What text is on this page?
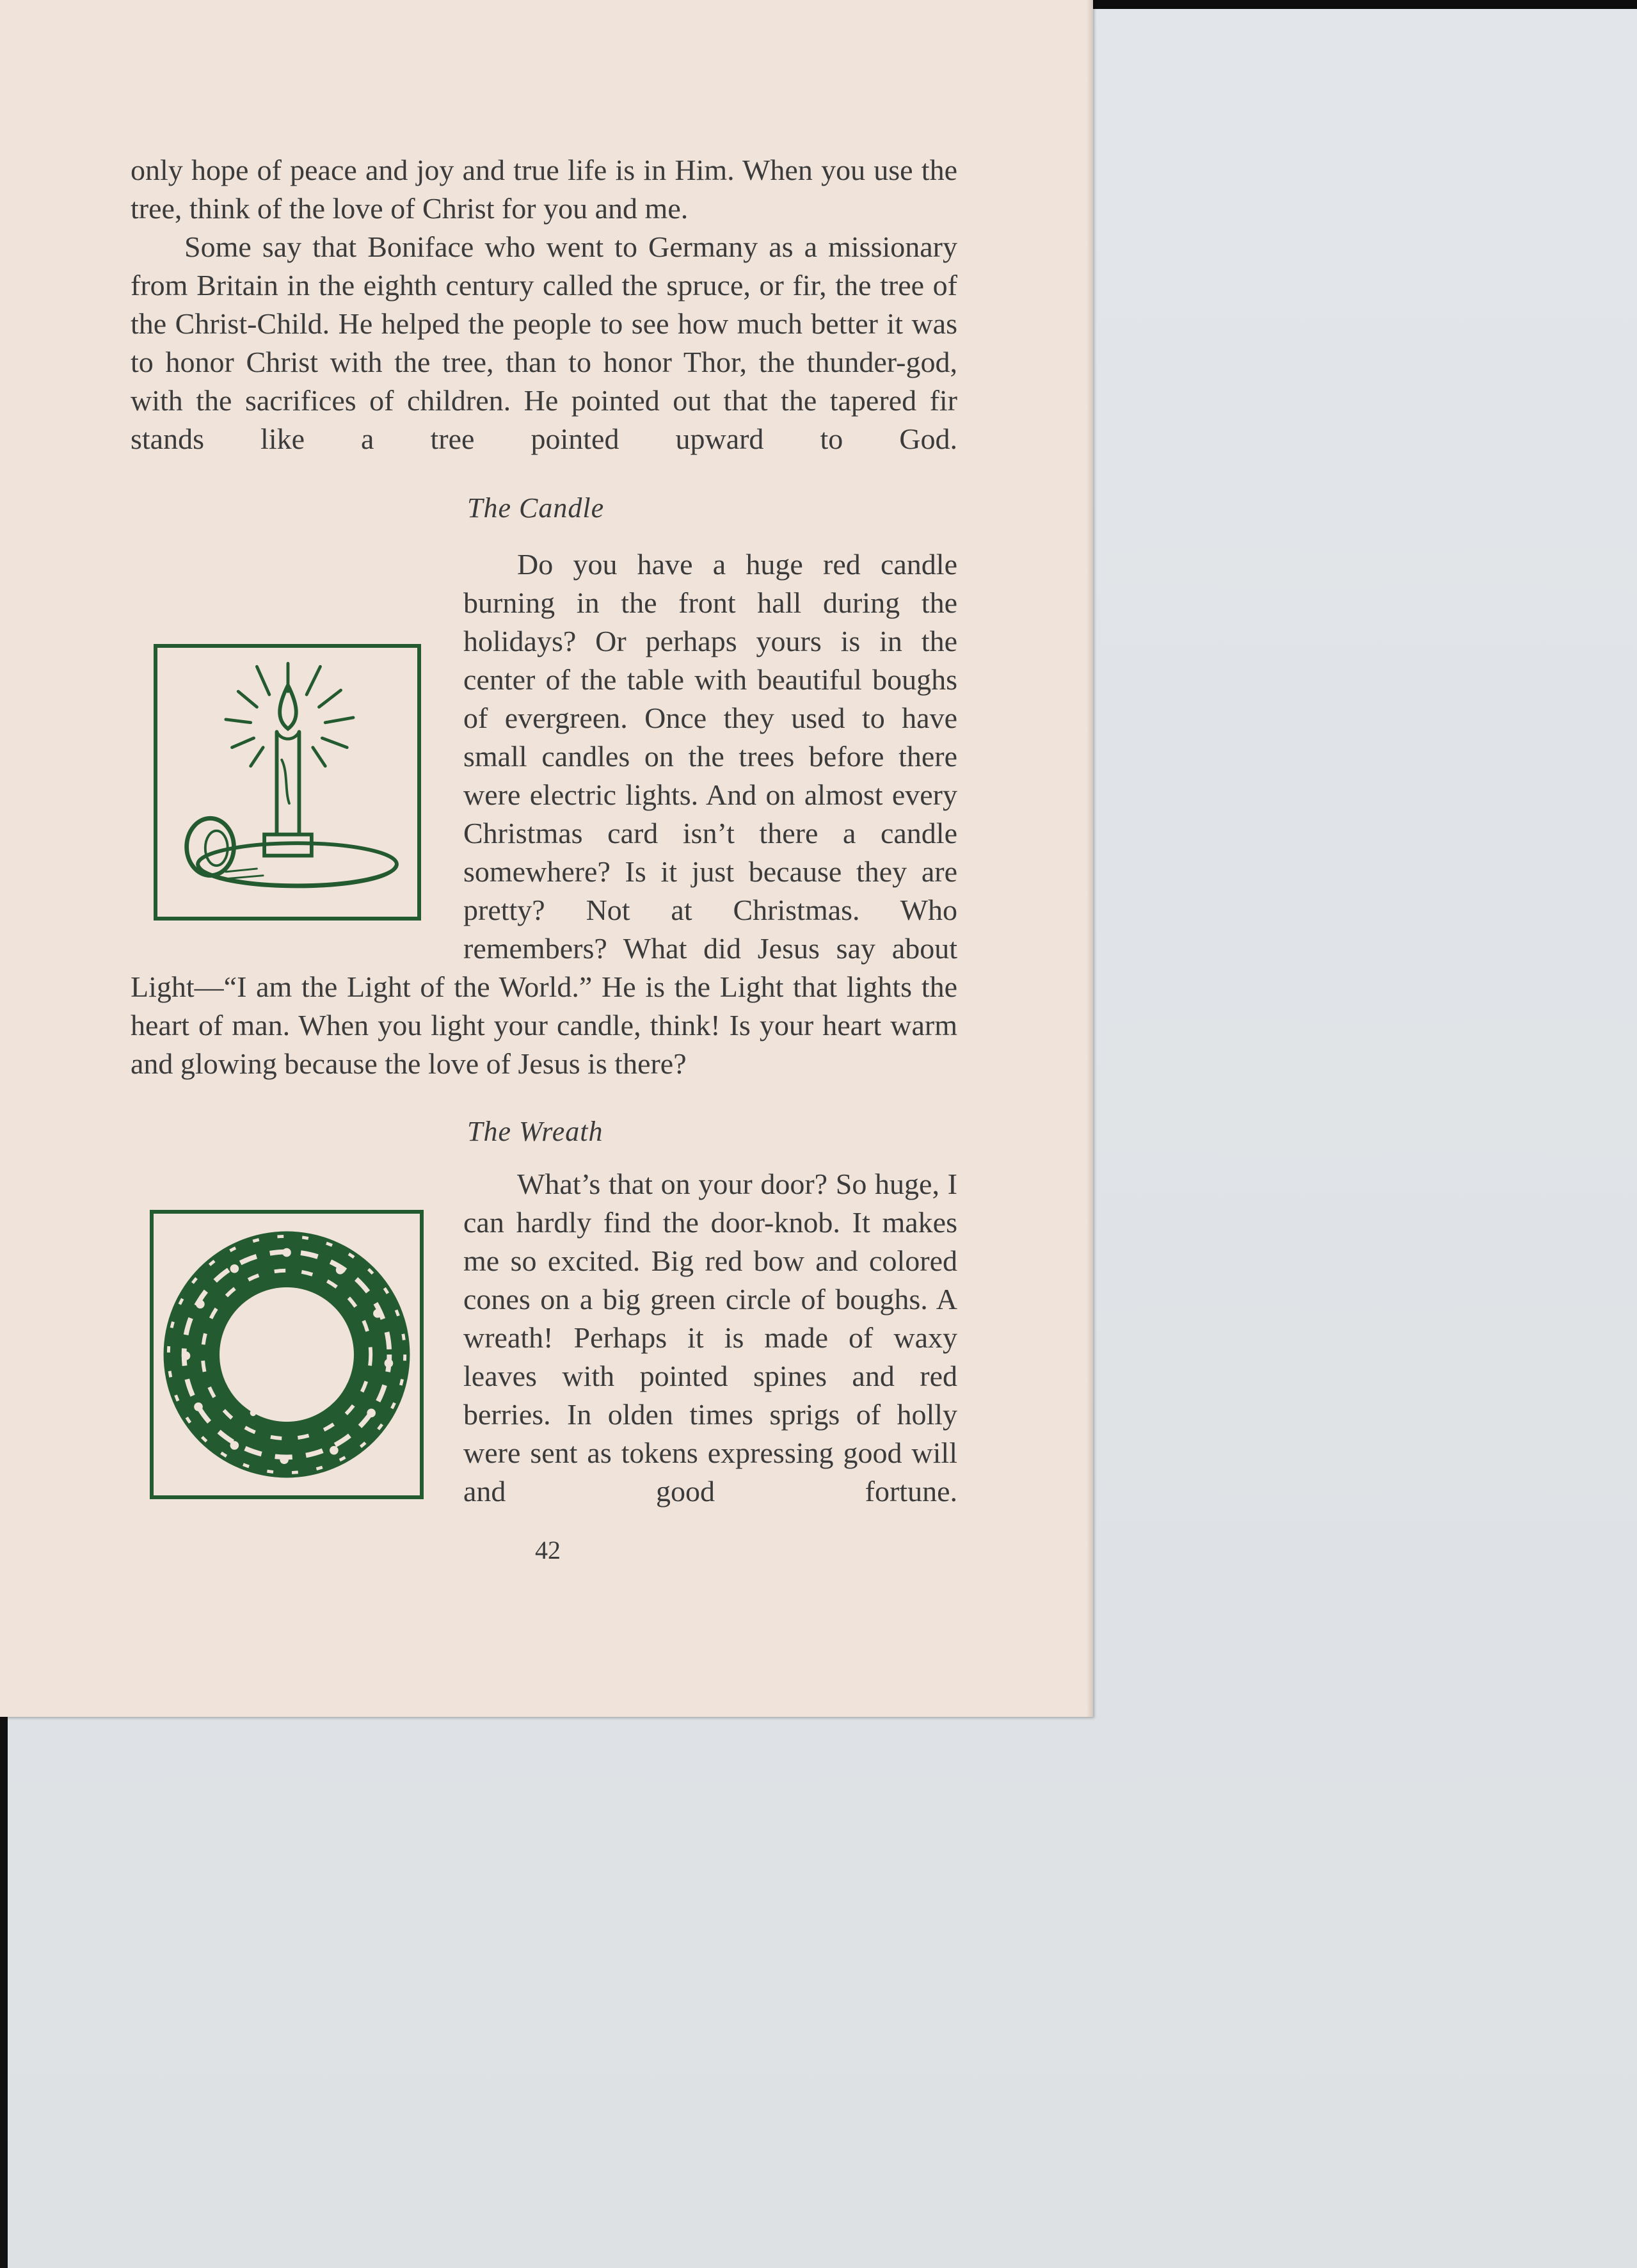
only hope of peace and joy and true life is in Him. When you use the tree, think of the love of Christ for you and me.

Some say that Boniface who went to Germany as a missionary from Britain in the eighth century called the spruce, or fir, the tree of the Christ-Child. He helped the people to see how much better it was to honor Christ with the tree, than to honor Thor, the thunder-god, with the sacrifices of children. He pointed out that the tapered fir stands like a tree pointed upward to God.

The Candle

Do you have a huge red candle burning in the front hall during the holidays? Or perhaps yours is in the center of the table with beautiful boughs of evergreen. Once they used to have small candles on the trees before there were electric lights. And on almost every Christmas card isn’t there a candle somewhere? Is it just because they are pretty? Not at Christmas. Who remembers? What did Jesus say about

Light—“I am the Light of the World.” He is the Light that lights the heart of man. When you light your candle, think! Is your heart warm and glowing because the love of Jesus is there?

The Wreath

What’s that on your door? So huge, I can hardly find the door-knob. It makes me so excited. Big red bow and colored cones on a big green circle of boughs. A wreath! Perhaps it is made of waxy leaves with pointed spines and red berries. In olden times sprigs of holly were sent as tokens expressing good will and good fortune.

42
